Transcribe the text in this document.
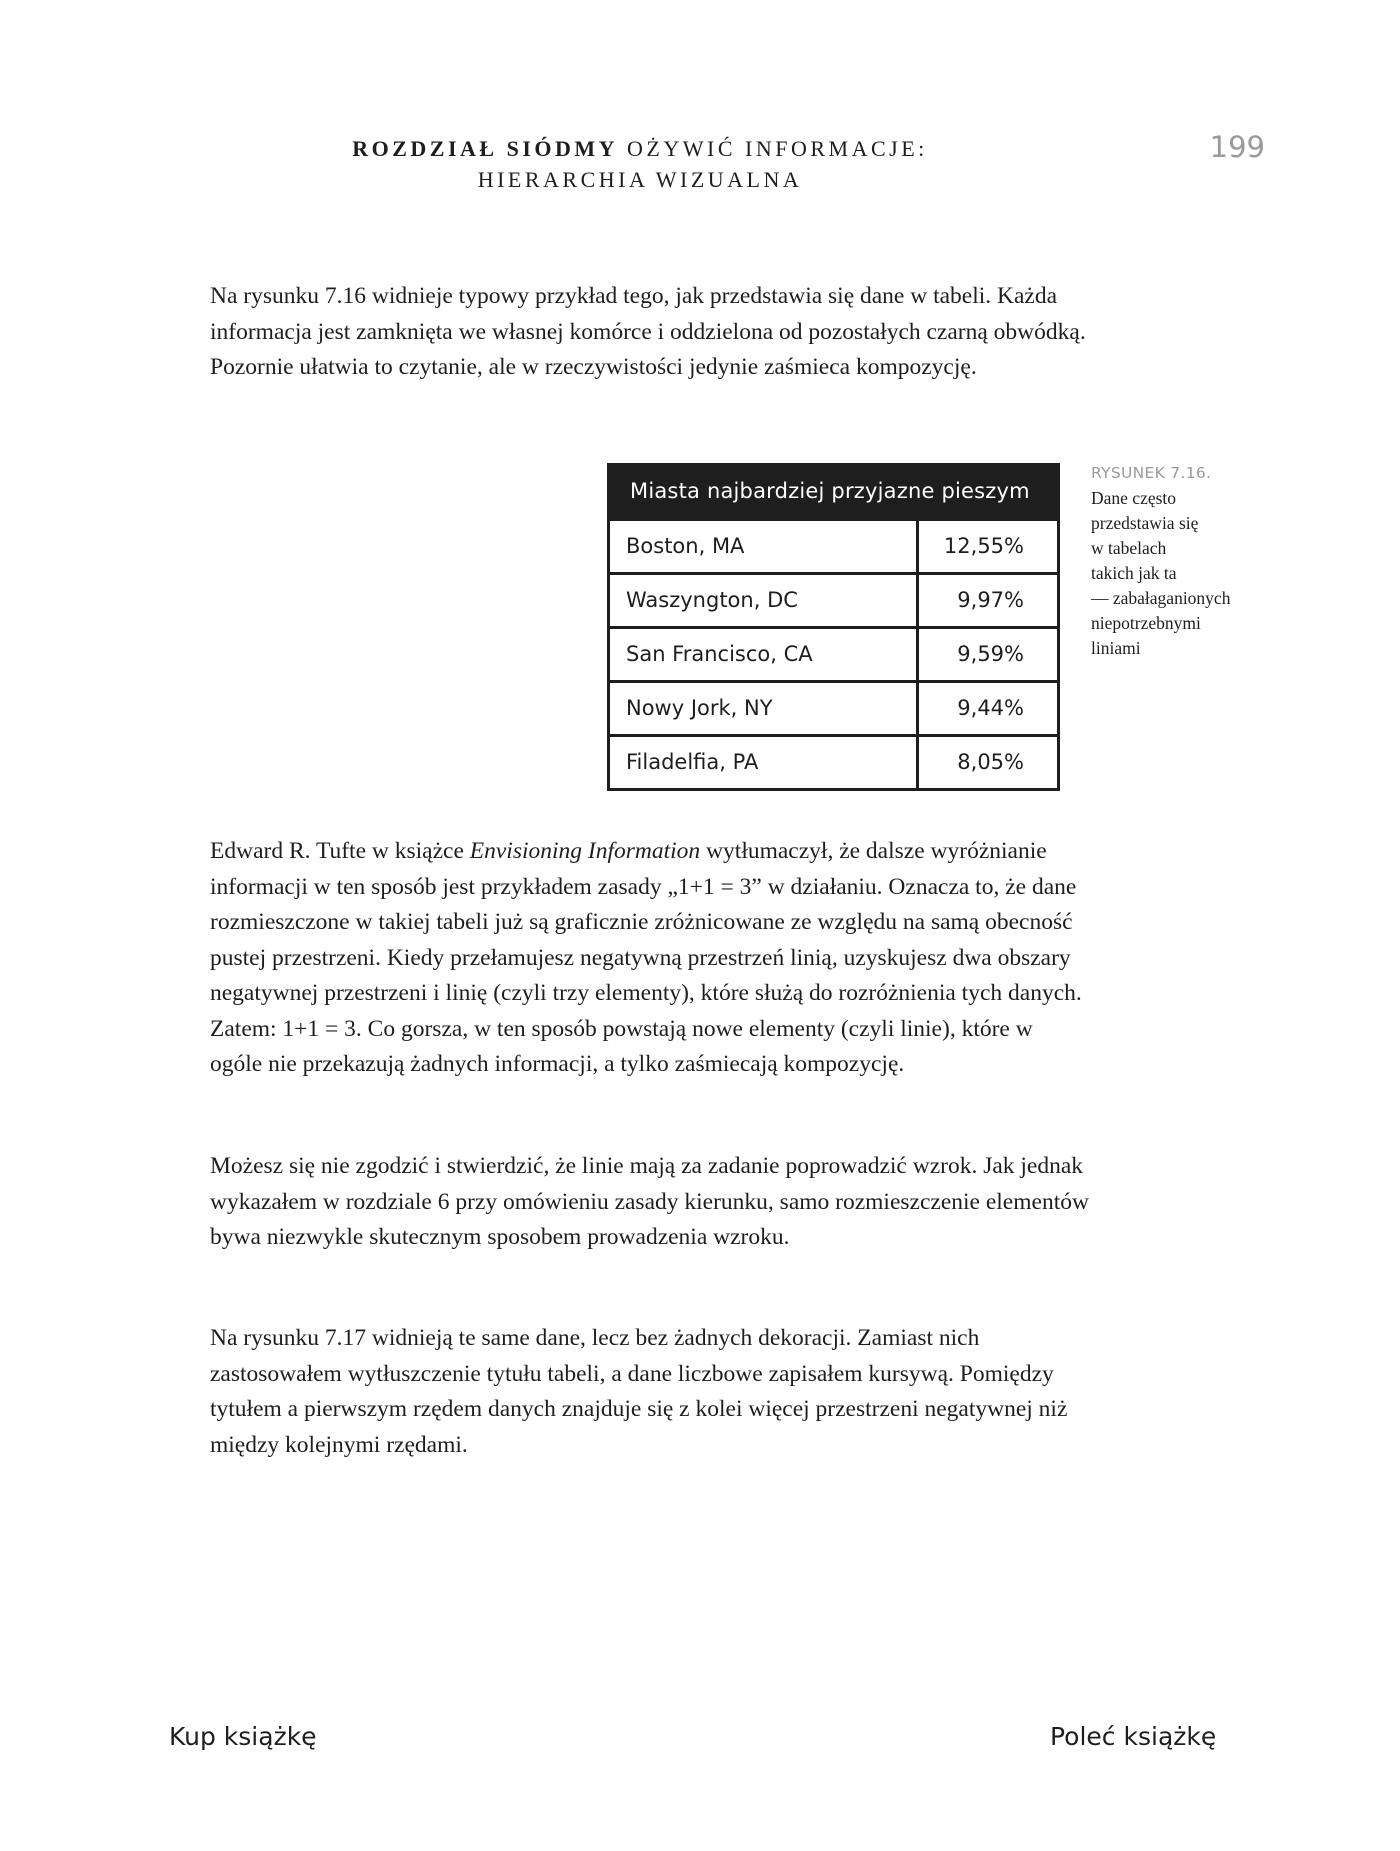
ROZDZIAŁ SIÓDMY OŻYWIĆ INFORMACJE:
HIERARCHIA WIZUALNA
199

Na rysunku 7.16 widnieje typowy przykład tego, jak przedstawia się dane w tabeli. Każda informacja jest zamknięta we własnej komórce i oddzielona od pozostałych czarną obwódką. Pozornie ułatwia to czytanie, ale w rzeczywistości jedynie zaśmieca kompozycję.

Miasta najbardziej przyjazne pieszym
Boston, MA	12,55%
Waszyngton, DC	9,97%
San Francisco, CA	9,59%
Nowy Jork, NY	9,44%
Filadelfia, PA	8,05%
RYSUNEK 7.16.
Dane często
przedstawia się
w tabelach
takich jak ta
— zabałaganionych
niepotrzebnymi
liniami

Edward R. Tufte w książce Envisioning Information wytłumaczył, że dalsze wyróżnianie informacji w ten sposób jest przykładem zasady „1+1 = 3” w działaniu. Oznacza to, że dane rozmieszczone w takiej tabeli już są graficznie zróżnicowane ze względu na samą obecność pustej przestrzeni. Kiedy przełamujesz negatywną przestrzeń linią, uzyskujesz dwa obszary negatywnej przestrzeni i linię (czyli trzy elementy), które służą do rozróżnienia tych danych. Zatem: 1+1 = 3. Co gorsza, w ten sposób powstają nowe elementy (czyli linie), które w ogóle nie przekazują żadnych informacji, a tylko zaśmiecają kompozycję.

Możesz się nie zgodzić i stwierdzić, że linie mają za zadanie poprowadzić wzrok. Jak jednak wykazałem w rozdziale 6 przy omówieniu zasady kierunku, samo rozmieszczenie elementów bywa niezwykle skutecznym sposobem prowadzenia wzroku.

Na rysunku 7.17 widnieją te same dane, lecz bez żadnych dekoracji. Zamiast nich zastosowałem wytłuszczenie tytułu tabeli, a dane liczbowe zapisałem kursywą. Pomiędzy tytułem a pierwszym rzędem danych znajduje się z kolei więcej przestrzeni negatywnej niż między kolejnymi rzędami.

Kup książkę	Poleć książkę
